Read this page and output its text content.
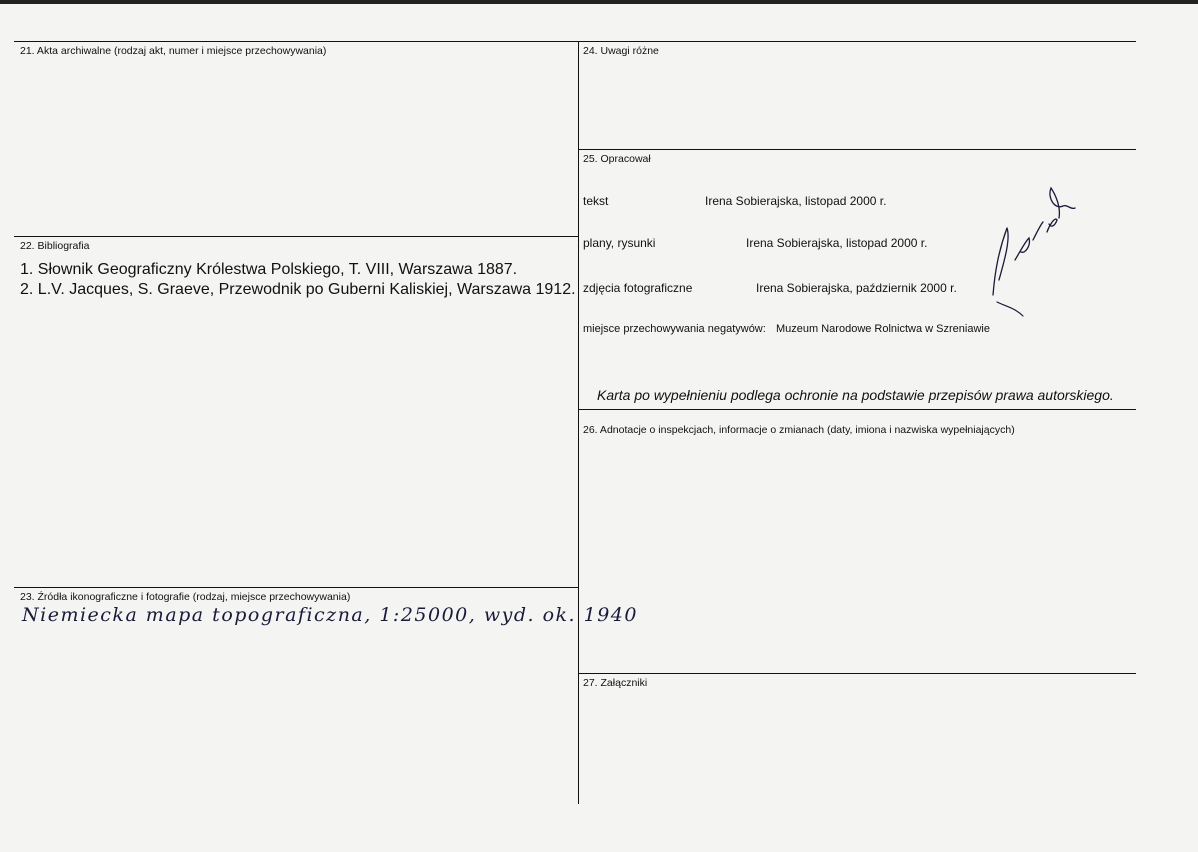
21. Akta archiwalne (rodzaj akt, numer i miejsce przechowywania)
22. Bibliografia
1. Słownik Geograficzny Królestwa Polskiego, T. VIII, Warszawa 1887.
2. L.V. Jacques, S. Graeve, Przewodnik po Guberni Kaliskiej, Warszawa 1912.
23. Źródła ikonograficzne i fotografie (rodzaj, miejsce przechowywania)
Niemiecka mapa topograficzna, 1:25000, wyd. ok. 1940
24. Uwagi różne
25. Opracował
tekst	Irena Sobierajska, listopad 2000 r.
plany, rysunki	Irena Sobierajska, listopad 2000 r.
zdjęcia fotograficzne	Irena Sobierajska, październik 2000 r.
miejsce przechowywania negatywów: Muzeum Narodowe Rolnictwa w Szreniawie
Karta po wypełnieniu podlega ochronie na podstawie przepisów prawa autorskiego.
26. Adnotacje o inspekcjach, informacje o zmianach (daty, imiona i nazwiska wypełniających)
27. Załączniki
